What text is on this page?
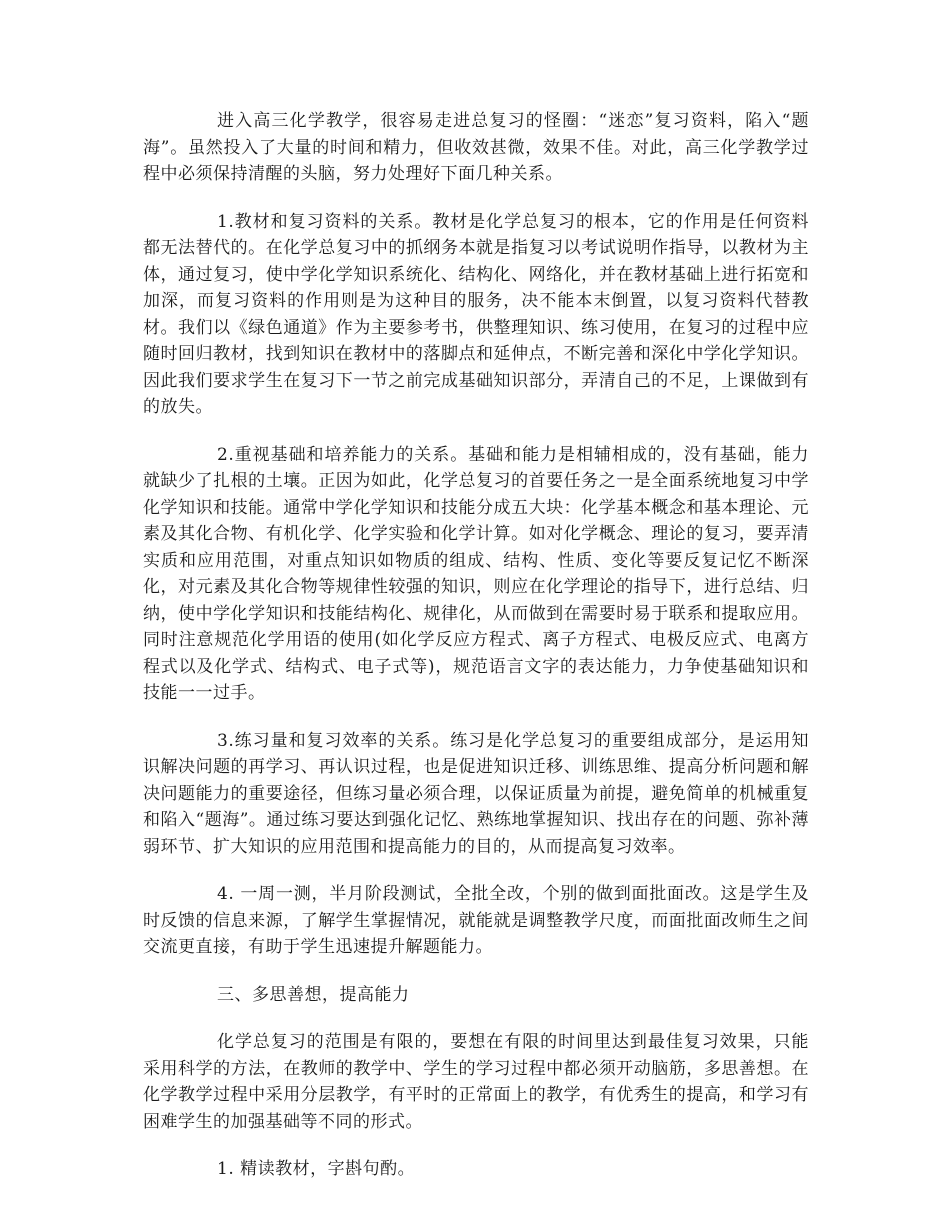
进入高三化学教学，很容易走进总复习的怪圈：“迷恋”复习资料，陷入“题海”。虽然投入了大量的时间和精力，但收效甚微，效果不佳。对此，高三化学教学过程中必须保持清醒的头脑，努力处理好下面几种关系。

1.教材和复习资料的关系。教材是化学总复习的根本，它的作用是任何资料都无法替代的。在化学总复习中的抓纲务本就是指复习以考试说明作指导，以教材为主体，通过复习，使中学化学知识系统化、结构化、网络化，并在教材基础上进行拓宽和加深，而复习资料的作用则是为这种目的服务，决不能本末倒置，以复习资料代替教材。我们以《绿色通道》作为主要参考书，供整理知识、练习使用，在复习的过程中应随时回归教材，找到知识在教材中的落脚点和延伸点，不断完善和深化中学化学知识。因此我们要求学生在复习下一节之前完成基础知识部分，弄清自己的不足，上课做到有的放失。

2.重视基础和培养能力的关系。基础和能力是相辅相成的，没有基础，能力就缺少了扎根的土壤。正因为如此，化学总复习的首要任务之一是全面系统地复习中学化学知识和技能。通常中学化学知识和技能分成五大块：化学基本概念和基本理论、元素及其化合物、有机化学、化学实验和化学计算。如对化学概念、理论的复习，要弄清实质和应用范围，对重点知识如物质的组成、结构、性质、变化等要反复记忆不断深化，对元素及其化合物等规律性较强的知识，则应在化学理论的指导下，进行总结、归纳，使中学化学知识和技能结构化、规律化，从而做到在需要时易于联系和提取应用。同时注意规范化学用语的使用(如化学反应方程式、离子方程式、电极反应式、电离方程式以及化学式、结构式、电子式等)，规范语言文字的表达能力，力争使基础知识和技能一一过手。

3.练习量和复习效率的关系。练习是化学总复习的重要组成部分，是运用知识解决问题的再学习、再认识过程，也是促进知识迁移、训练思维、提高分析问题和解决问题能力的重要途径，但练习量必须合理，以保证质量为前提，避免简单的机械重复和陷入“题海”。通过练习要达到强化记忆、熟练地掌握知识、找出存在的问题、弥补薄弱环节、扩大知识的应用范围和提高能力的目的，从而提高复习效率。

4. 一周一测，半月阶段测试，全批全改，个别的做到面批面改。这是学生及时反馈的信息来源，了解学生掌握情况，就能就是调整教学尺度，而面批面改师生之间交流更直接，有助于学生迅速提升解题能力。

三、多思善想，提高能力

化学总复习的范围是有限的，要想在有限的时间里达到最佳复习效果，只能采用科学的方法，在教师的教学中、学生的学习过程中都必须开动脑筋，多思善想。在化学教学过程中采用分层教学，有平时的正常面上的教学，有优秀生的提高，和学习有困难学生的加强基础等不同的形式。

1. 精读教材，字斟句酌。
